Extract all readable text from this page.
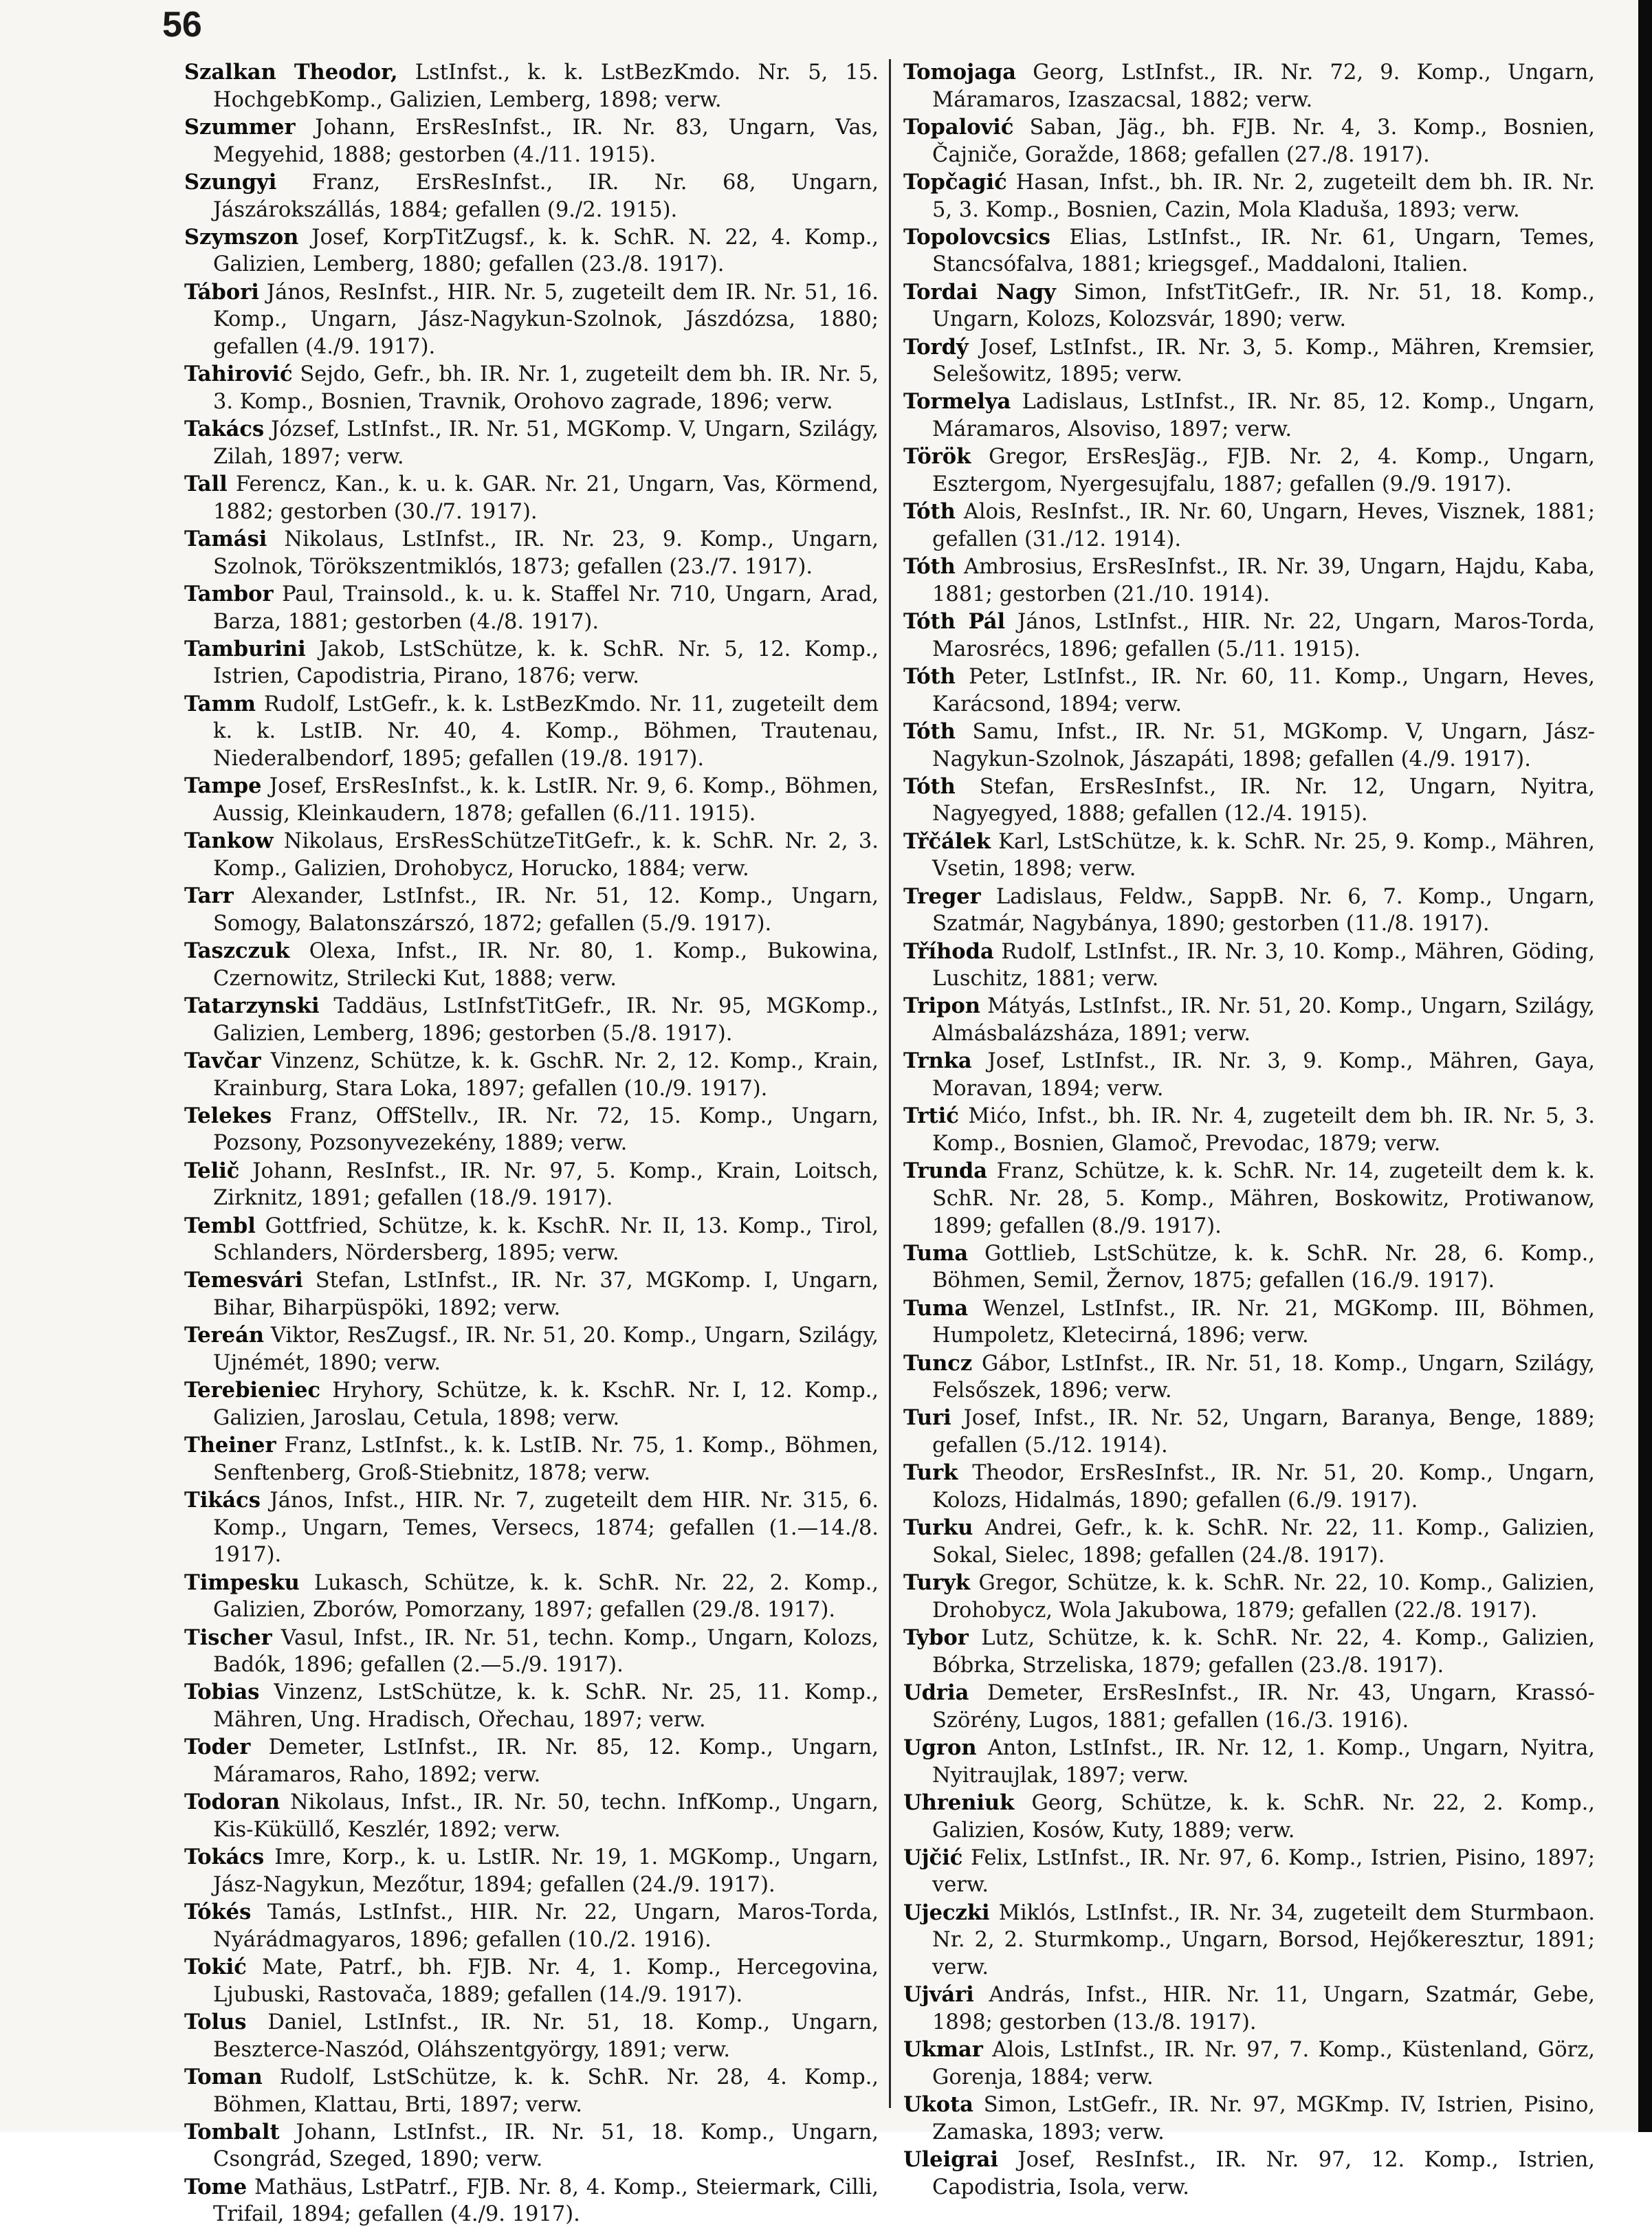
56
Szalkan Theodor, LstInfst., k. k. LstBezKmdo. Nr. 5, 15. HochgebKomp., Galizien, Lemberg, 1898; verw.
Szummer Johann, ErsResInfst., IR. Nr. 83, Ungarn, Vas, Megyehid, 1888; gestorben (4./11. 1915).
Szungyi Franz, ErsResInfst., IR. Nr. 68, Ungarn, Jászárokszállás, 1884; gefallen (9./2. 1915).
Szymszon Josef, KorpTitZugsf., k. k. SchR. N. 22, 4. Komp., Galizien, Lemberg, 1880; gefallen (23./8. 1917).
Tábori János, ResInfst., HIR. Nr. 5, zugeteilt dem IR. Nr. 51, 16. Komp., Ungarn, Jász-Nagykun-Szolnok, Jászdózsa, 1880; gefallen (4./9. 1917).
Tahirović Sejdo, Gefr., bh. IR. Nr. 1, zugeteilt dem bh. IR. Nr. 5, 3. Komp., Bosnien, Travnik, Orohovo zagrade, 1896; verw.
Takács József, LstInfst., IR. Nr. 51, MGKomp. V, Ungarn, Szilágy, Zilah, 1897; verw.
Tall Ferencz, Kan., k. u. k. GAR. Nr. 21, Ungarn, Vas, Körmend, 1882; gestorben (30./7. 1917).
Tamási Nikolaus, LstInfst., IR. Nr. 23, 9. Komp., Ungarn, Szolnok, Törökszentmiklós, 1873; gefallen (23./7. 1917).
Tambor Paul, Trainsold., k. u. k. Staffel Nr. 710, Ungarn, Arad, Barza, 1881; gestorben (4./8. 1917).
Tamburini Jakob, LstSchütze, k. k. SchR. Nr. 5, 12. Komp., Istrien, Capodistria, Pirano, 1876; verw.
Tamm Rudolf, LstGefr., k. k. LstBezKmdo. Nr. 11, zugeteilt dem k. k. LstIB. Nr. 40, 4. Komp., Böhmen, Trautenau, Niederalbendorf, 1895; gefallen (19./8. 1917).
Tampe Josef, ErsResInfst., k. k. LstIR. Nr. 9, 6. Komp., Böhmen, Aussig, Kleinkaudern, 1878; gefallen (6./11. 1915).
Tankow Nikolaus, ErsResSchützeTitGefr., k. k. SchR. Nr. 2, 3. Komp., Galizien, Drohobycz, Horucko, 1884; verw.
Tarr Alexander, LstInfst., IR. Nr. 51, 12. Komp., Ungarn, Somogy, Balatonszárszó, 1872; gefallen (5./9. 1917).
Taszczuk Olexa, Infst., IR. Nr. 80, 1. Komp., Bukowina, Czernowitz, Strilecki Kut, 1888; verw.
Tatarzynski Taddäus, LstInfstTitGefr., IR. Nr. 95, MGKomp., Galizien, Lemberg, 1896; gestorben (5./8. 1917).
Tavčar Vinzenz, Schütze, k. k. GschR. Nr. 2, 12. Komp., Krain, Krainburg, Stara Loka, 1897; gefallen (10./9. 1917).
Telekes Franz, OffStellv., IR. Nr. 72, 15. Komp., Ungarn, Pozsony, Pozsonyvezekény, 1889; verw.
Telič Johann, ResInfst., IR. Nr. 97, 5. Komp., Krain, Loitsch, Zirknitz, 1891; gefallen (18./9. 1917).
Tembl Gottfried, Schütze, k. k. KschR. Nr. II, 13. Komp., Tirol, Schlanders, Nördersberg, 1895; verw.
Temesvári Stefan, LstInfst., IR. Nr. 37, MGKomp. I, Ungarn, Bihar, Biharpüspöki, 1892; verw.
Tereán Viktor, ResZugsf., IR. Nr. 51, 20. Komp., Ungarn, Szilágy, Ujnémét, 1890; verw.
Terebieniec Hryhory, Schütze, k. k. KschR. Nr. I, 12. Komp., Galizien, Jaroslau, Cetula, 1898; verw.
Theiner Franz, LstInfst., k. k. LstIB. Nr. 75, 1. Komp., Böhmen, Senftenberg, Groß-Stiebnitz, 1878; verw.
Tikács János, Infst., HIR. Nr. 7, zugeteilt dem HIR. Nr. 315, 6. Komp., Ungarn, Temes, Versecs, 1874; gefallen (1.—14./8. 1917).
Timpesku Lukasch, Schütze, k. k. SchR. Nr. 22, 2. Komp., Galizien, Zborów, Pomorzany, 1897; gefallen (29./8. 1917).
Tischer Vasul, Infst., IR. Nr. 51, techn. Komp., Ungarn, Kolozs, Badók, 1896; gefallen (2.—5./9. 1917).
Tobias Vinzenz, LstSchütze, k. k. SchR. Nr. 25, 11. Komp., Mähren, Ung. Hradisch, Ořechau, 1897; verw.
Toder Demeter, LstInfst., IR. Nr. 85, 12. Komp., Ungarn, Máramaros, Raho, 1892; verw.
Todoran Nikolaus, Infst., IR. Nr. 50, techn. InfKomp., Ungarn, Kis-Küküllő, Keszlér, 1892; verw.
Tokács Imre, Korp., k. u. LstIR. Nr. 19, 1. MGKomp., Ungarn, Jász-Nagykun, Mezőtur, 1894; gefallen (24./9. 1917).
Tókés Tamás, LstInfst., HIR. Nr. 22, Ungarn, Maros-Torda, Nyárádmagyaros, 1896; gefallen (10./2. 1916).
Tokić Mate, Patrf., bh. FJB. Nr. 4, 1. Komp., Hercegovina, Ljubuski, Rastovača, 1889; gefallen (14./9. 1917).
Tolus Daniel, LstInfst., IR. Nr. 51, 18. Komp., Ungarn, Beszterce-Naszód, Oláhszentgyörgy, 1891; verw.
Toman Rudolf, LstSchütze, k. k. SchR. Nr. 28, 4. Komp., Böhmen, Klattau, Brti, 1897; verw.
Tombalt Johann, LstInfst., IR. Nr. 51, 18. Komp., Ungarn, Csongrád, Szeged, 1890; verw.
Tome Mathäus, LstPatrf., FJB. Nr. 8, 4. Komp., Steiermark, Cilli, Trifail, 1894; gefallen (4./9. 1917).
Tomojaga Georg, LstInfst., IR. Nr. 72, 9. Komp., Ungarn, Máramaros, Izaszacsal, 1882; verw.
Topalović Saban, Jäg., bh. FJB. Nr. 4, 3. Komp., Bosnien, Čajniče, Goražde, 1868; gefallen (27./8. 1917).
Topčagić Hasan, Infst., bh. IR. Nr. 2, zugeteilt dem bh. IR. Nr. 5, 3. Komp., Bosnien, Cazin, Mola Kladuša, 1893; verw.
Topolovcsics Elias, LstInfst., IR. Nr. 61, Ungarn, Temes, Stancsófalva, 1881; kriegsgef., Maddaloni, Italien.
Tordai Nagy Simon, InfstTitGefr., IR. Nr. 51, 18. Komp., Ungarn, Kolozs, Kolozsvár, 1890; verw.
Tordý Josef, LstInfst., IR. Nr. 3, 5. Komp., Mähren, Kremsier, Selešowitz, 1895; verw.
Tormelya Ladislaus, LstInfst., IR. Nr. 85, 12. Komp., Ungarn, Máramaros, Alsoviso, 1897; verw.
Török Gregor, ErsResJäg., FJB. Nr. 2, 4. Komp., Ungarn, Esztergom, Nyergesujfalu, 1887; gefallen (9./9. 1917).
Tóth Alois, ResInfst., IR. Nr. 60, Ungarn, Heves, Visznek, 1881; gefallen (31./12. 1914).
Tóth Ambrosius, ErsResInfst., IR. Nr. 39, Ungarn, Hajdu, Kaba, 1881; gestorben (21./10. 1914).
Tóth Pál János, LstInfst., HIR. Nr. 22, Ungarn, Maros-Torda, Marosrécs, 1896; gefallen (5./11. 1915).
Tóth Peter, LstInfst., IR. Nr. 60, 11. Komp., Ungarn, Heves, Karácsond, 1894; verw.
Tóth Samu, Infst., IR. Nr. 51, MGKomp. V, Ungarn, Jász-Nagykun-Szolnok, Jászapáti, 1898; gefallen (4./9. 1917).
Tóth Stefan, ErsResInfst., IR. Nr. 12, Ungarn, Nyitra, Nagyegyed, 1888; gefallen (12./4. 1915).
Třčálek Karl, LstSchütze, k. k. SchR. Nr. 25, 9. Komp., Mähren, Vsetin, 1898; verw.
Treger Ladislaus, Feldw., SappB. Nr. 6, 7. Komp., Ungarn, Szatmár, Nagybánya, 1890; gestorben (11./8. 1917).
Tříhoda Rudolf, LstInfst., IR. Nr. 3, 10. Komp., Mähren, Göding, Luschitz, 1881; verw.
Tripon Mátyás, LstInfst., IR. Nr. 51, 20. Komp., Ungarn, Szilágy, Almásbalázsháza, 1891; verw.
Trnka Josef, LstInfst., IR. Nr. 3, 9. Komp., Mähren, Gaya, Moravan, 1894; verw.
Trtić Mićo, Infst., bh. IR. Nr. 4, zugeteilt dem bh. IR. Nr. 5, 3. Komp., Bosnien, Glamoč, Prevodac, 1879; verw.
Trunda Franz, Schütze, k. k. SchR. Nr. 14, zugeteilt dem k. k. SchR. Nr. 28, 5. Komp., Mähren, Boskowitz, Protiwanow, 1899; gefallen (8./9. 1917).
Tuma Gottlieb, LstSchütze, k. k. SchR. Nr. 28, 6. Komp., Böhmen, Semil, Žernov, 1875; gefallen (16./9. 1917).
Tuma Wenzel, LstInfst., IR. Nr. 21, MGKomp. III, Böhmen, Humpoletz, Kletecirná, 1896; verw.
Tuncz Gábor, LstInfst., IR. Nr. 51, 18. Komp., Ungarn, Szilágy, Felsőszek, 1896; verw.
Turi Josef, Infst., IR. Nr. 52, Ungarn, Baranya, Benge, 1889; gefallen (5./12. 1914).
Turk Theodor, ErsResInfst., IR. Nr. 51, 20. Komp., Ungarn, Kolozs, Hidalmás, 1890; gefallen (6./9. 1917).
Turku Andrei, Gefr., k. k. SchR. Nr. 22, 11. Komp., Galizien, Sokal, Sielec, 1898; gefallen (24./8. 1917).
Turyk Gregor, Schütze, k. k. SchR. Nr. 22, 10. Komp., Galizien, Drohobycz, Wola Jakubowa, 1879; gefallen (22./8. 1917).
Tybor Lutz, Schütze, k. k. SchR. Nr. 22, 4. Komp., Galizien, Bóbrka, Strzeliska, 1879; gefallen (23./8. 1917).
Udria Demeter, ErsResInfst., IR. Nr. 43, Ungarn, Krassó-Szörény, Lugos, 1881; gefallen (16./3. 1916).
Ugron Anton, LstInfst., IR. Nr. 12, 1. Komp., Ungarn, Nyitra, Nyitraujlak, 1897; verw.
Uhreniuk Georg, Schütze, k. k. SchR. Nr. 22, 2. Komp., Galizien, Kosów, Kuty, 1889; verw.
Ujčić Felix, LstInfst., IR. Nr. 97, 6. Komp., Istrien, Pisino, 1897; verw.
Ujeczki Miklós, LstInfst., IR. Nr. 34, zugeteilt dem Sturmbaon. Nr. 2, 2. Sturmkomp., Ungarn, Borsod, Hejőkeresztur, 1891; verw.
Ujvári András, Infst., HIR. Nr. 11, Ungarn, Szatmár, Gebe, 1898; gestorben (13./8. 1917).
Ukmar Alois, LstInfst., IR. Nr. 97, 7. Komp., Küstenland, Görz, Gorenja, 1884; verw.
Ukota Simon, LstGefr., IR. Nr. 97, MGKmp. IV, Istrien, Pisino, Zamaska, 1893; verw.
Uleigrai Josef, ResInfst., IR. Nr. 97, 12. Komp., Istrien, Capodistria, Isola, verw.
